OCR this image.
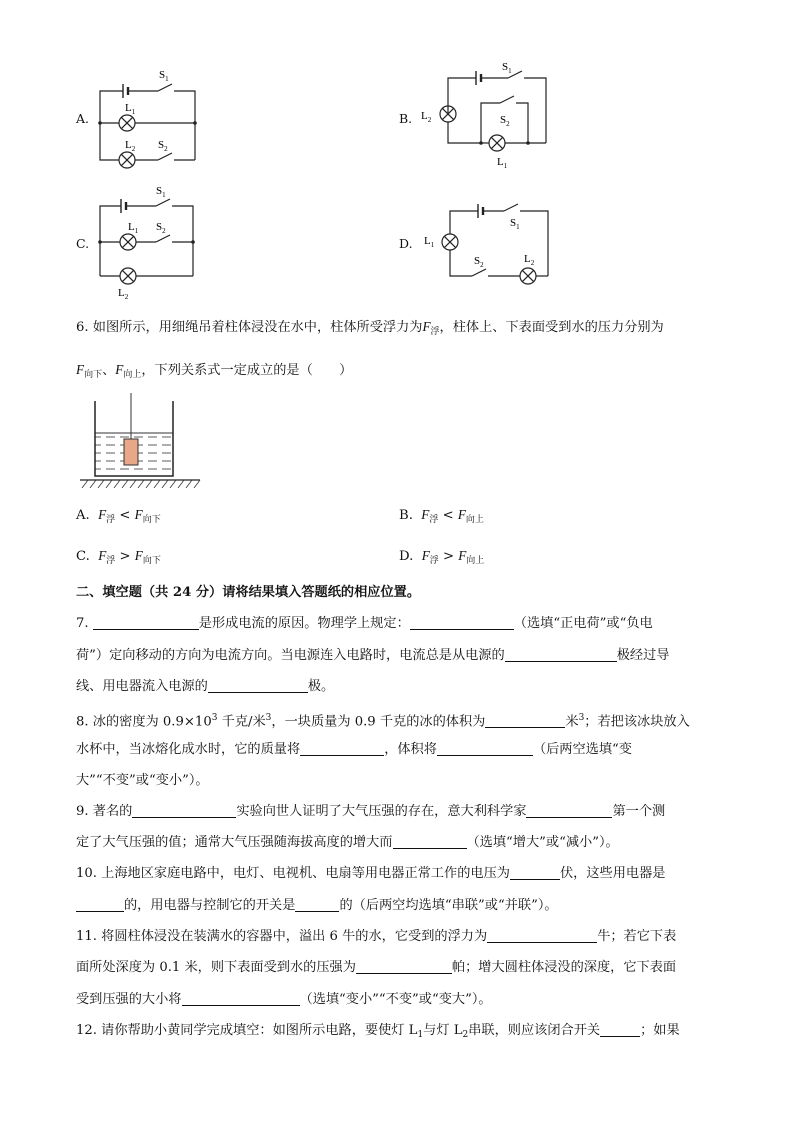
A.
$S_1$
$L_1$
$L_2$ $S_2$
B.
$S_1$
$L_2$	$S_2$
$L_1$
C.
$S_1$
$L_1$ $S_2$
$L_2$
D.
$S_1$
$L_1$
$S_2$	$L_2$
6. 如图所示，用细绳吊着柱体浸没在水中，柱体所受浮力为$F_浮$，柱体上、下表面受到水的压力分别为
$F_{向下}$、$F_{向上}$，下列关系式一定成立的是（　　）
A. $F_浮 < F_{向下}$	B. $F_浮 < F_{向上}$
C. $F_浮 > F_{向下}$	D. $F_浮 > F_{向上}$
二、填空题（共 24 分）请将结果填入答题纸的相应位置。
7.	是形成电流的原因。物理学上规定：	（选填“正电荷”或“负电
荷”）定向移动的方向为电流方向。当电源连入电路时，电流总是从电源的	极经过导
线、用电器流入电源的	极。
8. 冰的密度为 $0.9\times 10^3$ 千克/米$^3$，一块质量为 0.9 千克的冰的体积为	米$^3$；若把该冰块放入
水杯中，当冰熔化成水时，它的质量将	，体积将	（后两空选填“变
大”“不变”或“变小”）。
9. 著名的	实验向世人证明了大气压强的存在，意大利科学家	第一个测
定了大气压强的值；通常大气压强随海拔高度的增大而	（选填“增大”或“减小”）。
10. 上海地区家庭电路中，电灯、电视机、电扇等用电器正常工作的电压为	伏，这些用电器是
的，用电器与控制它的开关是	的（后两空均选填“串联”或“并联”）。
11. 将圆柱体浸没在装满水的容器中，溢出 6 牛的水，它受到的浮力为	牛；若它下表
面所处深度为 0.1 米，则下表面受到水的压强为	帕；增大圆柱体浸没的深度，它下表面
受到压强的大小将	（选填“变小”“不变”或“变大”）。
12. 请你帮助小黄同学完成填空：如图所示电路，要使灯 $L_1$与灯 $L_2$串联，则应该闭合开关	；如果
